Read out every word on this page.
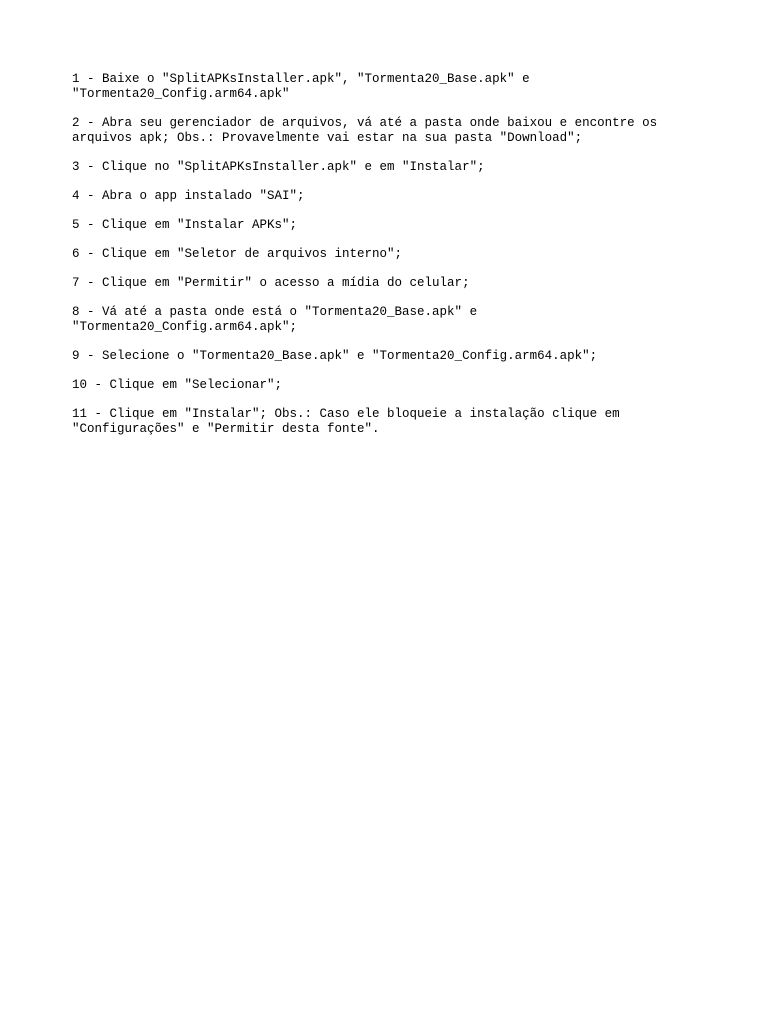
1 - Baixe o "SplitAPKsInstaller.apk", "Tormenta20_Base.apk" e
"Tormenta20_Config.arm64.apk"

2 - Abra seu gerenciador de arquivos, vá até a pasta onde baixou e encontre os
arquivos apk; Obs.: Provavelmente vai estar na sua pasta "Download";

3 - Clique no "SplitAPKsInstaller.apk" e em "Instalar";

4 - Abra o app instalado "SAI";

5 - Clique em "Instalar APKs";

6 - Clique em "Seletor de arquivos interno";

7 - Clique em "Permitir" o acesso a mídia do celular;

8 - Vá até a pasta onde está o "Tormenta20_Base.apk" e
"Tormenta20_Config.arm64.apk";

9 - Selecione o "Tormenta20_Base.apk" e "Tormenta20_Config.arm64.apk";

10 - Clique em "Selecionar";

11 - Clique em "Instalar"; Obs.: Caso ele bloqueie a instalação clique em
"Configurações" e "Permitir desta fonte".
